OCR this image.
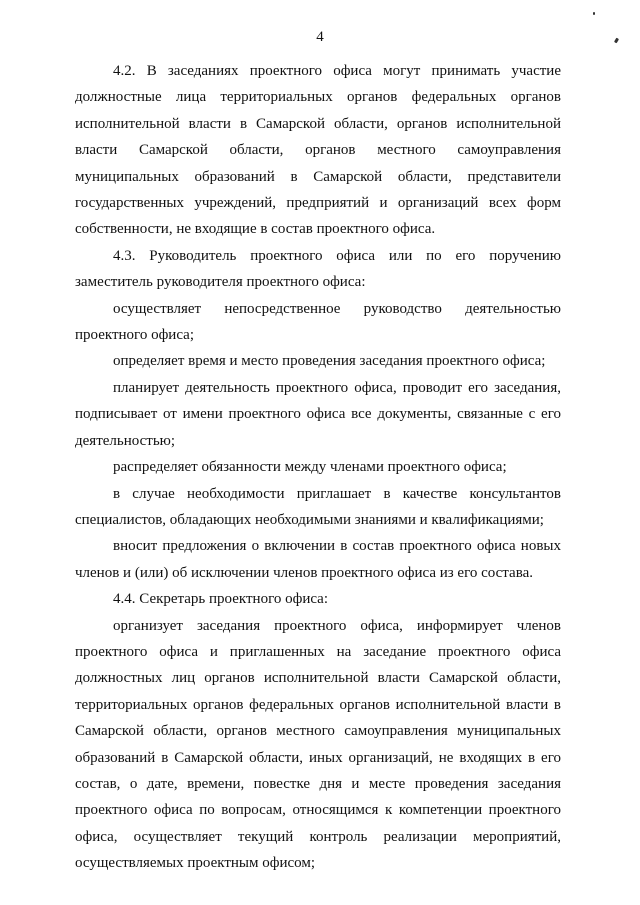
4

4.2. В заседаниях проектного офиса могут принимать участие должностные лица территориальных органов федеральных органов исполнительной власти в Самарской области, органов исполнительной власти Самарской области, органов местного самоуправления муниципальных образований в Самарской области, представители государственных учреждений, предприятий и организаций всех форм собственности, не входящие в состав проектного офиса.

4.3. Руководитель проектного офиса или по его поручению заместитель руководителя проектного офиса:

осуществляет непосредственное руководство деятельностью проектного офиса;

определяет время и место проведения заседания проектного офиса;

планирует деятельность проектного офиса, проводит его заседания, подписывает от имени проектного офиса все документы, связанные с его деятельностью;

распределяет обязанности между членами проектного офиса;

в случае необходимости приглашает в качестве консультантов специалистов, обладающих необходимыми знаниями и квалификациями;

вносит предложения о включении в состав проектного офиса новых членов и (или) об исключении членов проектного офиса из его состава.

4.4. Секретарь проектного офиса:

организует заседания проектного офиса, информирует членов проектного офиса и приглашенных на заседание проектного офиса должностных лиц органов исполнительной власти Самарской области, территориальных органов федеральных органов исполнительной власти в Самарской области, органов местного самоуправления муниципальных образований в Самарской области, иных организаций, не входящих в его состав, о дате, времени, повестке дня и месте проведения заседания проектного офиса по вопросам, относящимся к компетенции проектного офиса, осуществляет текущий контроль реализации мероприятий, осуществляемых проектным офисом;
